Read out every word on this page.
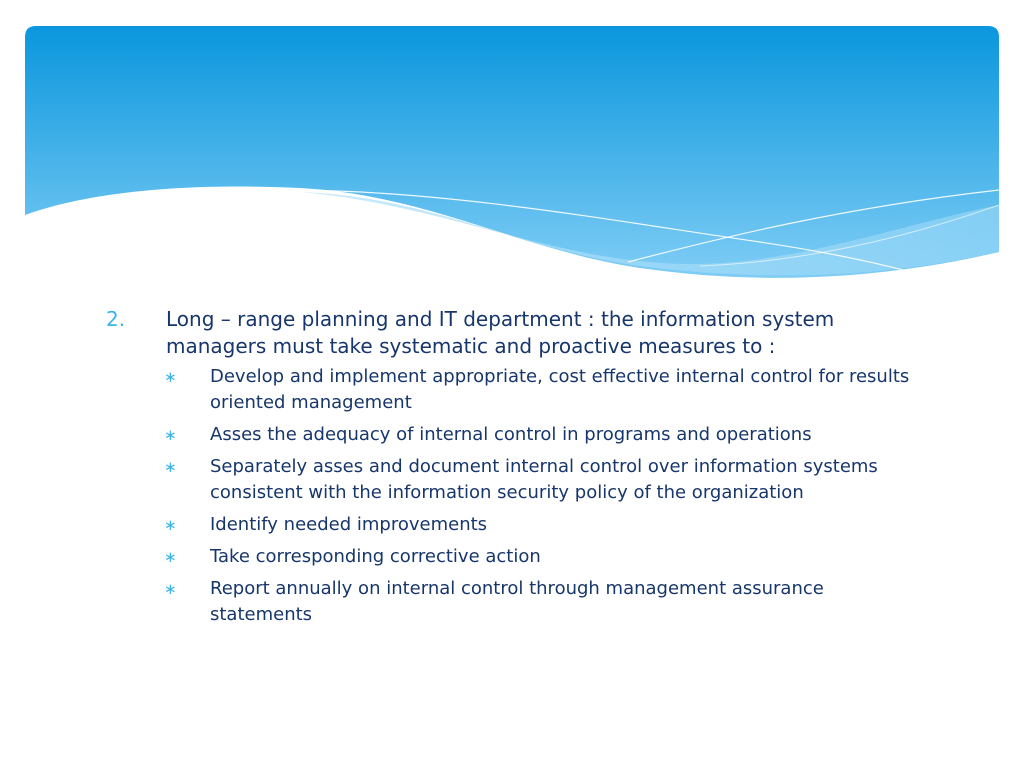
2.	Long – range planning and IT department : the information system managers must take systematic and proactive measures to :
∗	Develop and implement appropriate, cost effective internal control for results oriented management
∗	Asses the adequacy of internal control in programs and operations
∗	Separately asses and document internal control over information systems consistent with the information security policy of the organization
∗	Identify needed improvements
∗	Take corresponding corrective action
∗	Report annually on internal control through management assurance statements
